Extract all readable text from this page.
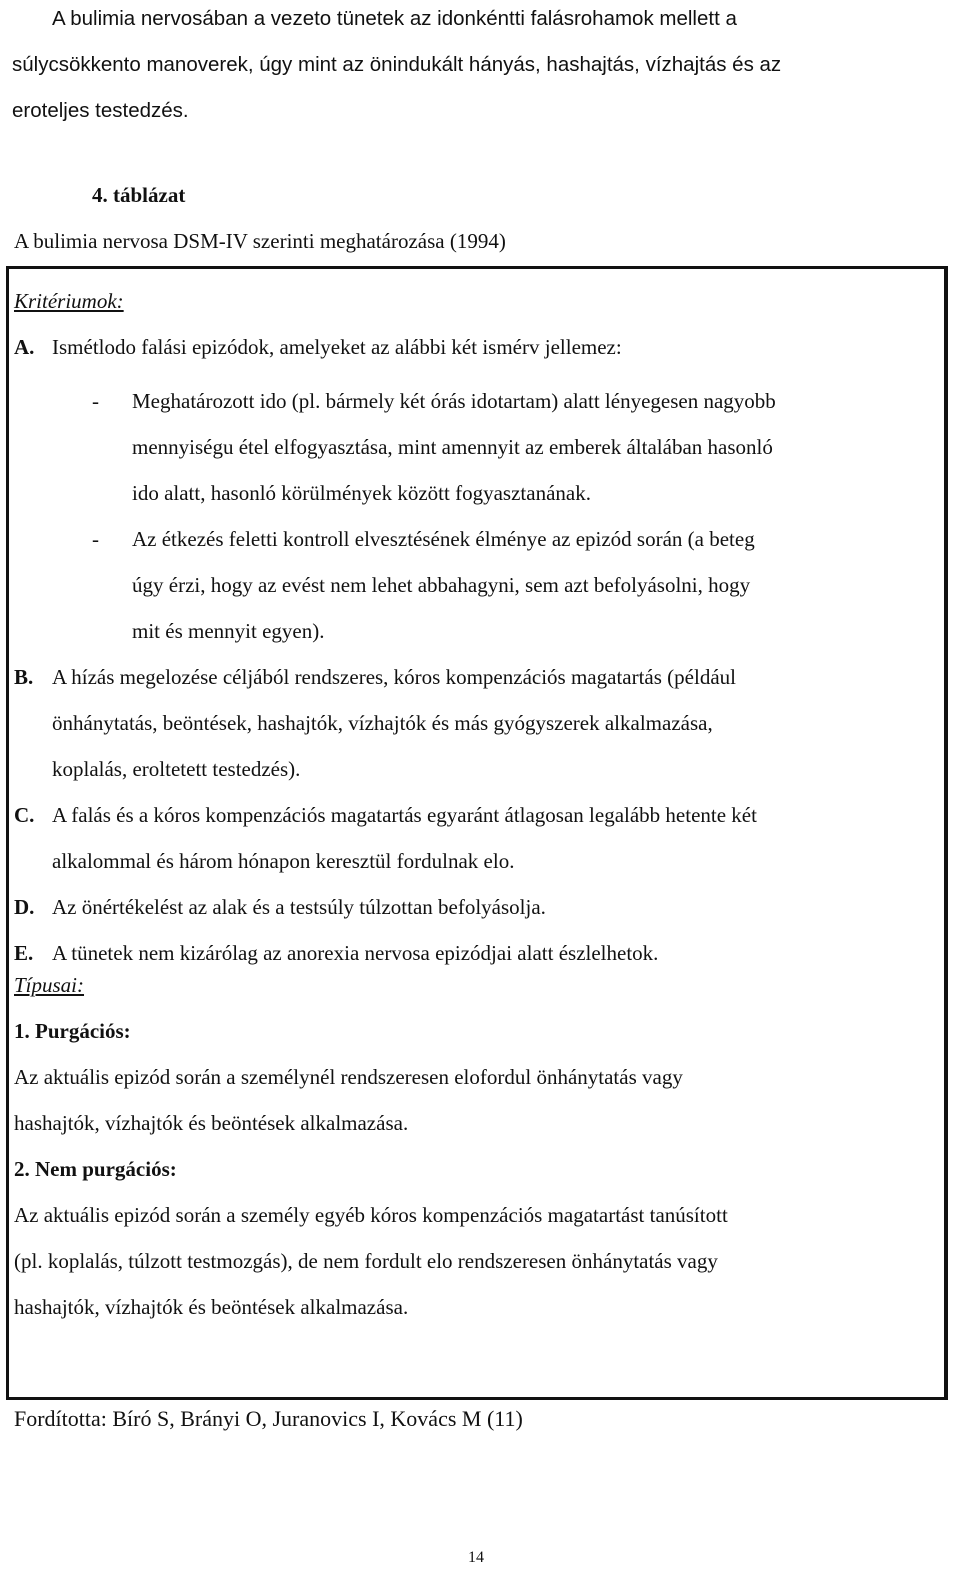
A bulimia nervosában a vezeto tünetek az idonkéntti falásrohamok mellett a

súlycsökkento manoverek, úgy mint az önindukált hányás, hashajtás, vízhajtás és az
eroteljes testedzés.

4. táblázat

A bulimia nervosa DSM-IV szerinti meghatározása (1994)

Kritériumok:

A. Ismétlodo falási epizódok, amelyeket az alábbi két ismérv jellemez:
- Meghatározott ido (pl. bármely két órás idotartam) alatt lényegesen nagyobb
mennyiségu étel elfogyasztása, mint amennyit az emberek általában hasonló
ido alatt, hasonló körülmények között fogyasztanának.
- Az étkezés feletti kontroll elvesztésének élménye az epizód során (a beteg
úgy érzi, hogy az evést nem lehet abbahagyni, sem azt befolyásolni, hogy
mit és mennyit egyen).
B. A hízás megelozése céljából rendszeres, kóros kompenzációs magatartás (például
önhánytatás, beöntések, hashajtók, vízhajtók és más gyógyszerek alkalmazása,
koplalás, eroltetett testedzés).
C. A falás és a kóros kompenzációs magatartás egyaránt átlagosan legalább hetente két
alkalommal és három hónapon keresztül fordulnak elo.
D. Az önértékelést az alak és a testsúly túlzottan befolyásolja.
E. A tünetek nem kizárólag az anorexia nervosa epizódjai alatt észlelhetok.

Típusai:

1. Purgációs:

Az aktuális epizód során a személynél rendszeresen elofordul önhánytatás vagy

hashajtók, vízhajtók és beöntések alkalmazása.

2. Nem purgációs:

Az aktuális epizód során a személy egyéb kóros kompenzációs magatartást tanúsított

(pl. koplalás, túlzott testmozgás), de nem fordult elo rendszeresen önhánytatás vagy

hashajtók, vízhajtók és beöntések alkalmazása.

Fordította: Bíró S, Brányi O, Juranovics I, Kovács M (11)

14
